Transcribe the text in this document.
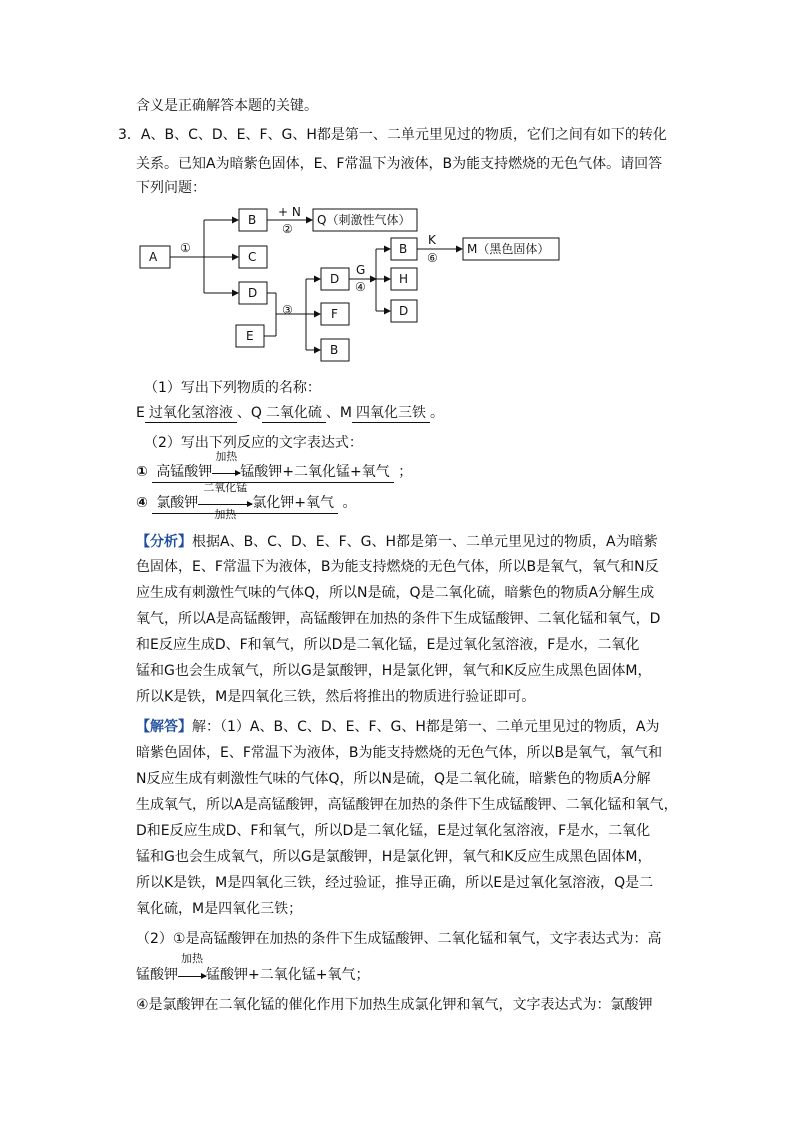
含义是正确解答本题的关键。
3．A、B、C、D、E、F、G、H都是第一、二单元里见过的物质，它们之间有如下的转化
关系。已知A为暗紫色固体，E、F常温下为液体，B为能支持燃烧的无色气体。请回答
下列问题：
A
B
C
D
E
Q（刺激性气体）
D
F
B
B
H
D
M（黑色固体）
①
+ N
②
③
G
④
K
⑥
（1）写出下列物质的名称：
E 过氧化氢溶液 、Q 二氧化硫 、M 四氧化三铁 。
（2）写出下列反应的文字表达式：
① 高锰酸钾
加热
锰酸钾+二氧化锰+氧气 ；
④ 氯酸钾
二氧化锰
加热
氯化钾+氧气 。
【分析】根据A、B、C、D、E、F、G、H都是第一、二单元里见过的物质，A为暗紫
色固体，E、F常温下为液体，B为能支持燃烧的无色气体，所以B是氧气，氧气和N反
应生成有刺激性气味的气体Q，所以N是硫，Q是二氧化硫，暗紫色的物质A分解生成
氧气，所以A是高锰酸钾，高锰酸钾在加热的条件下生成锰酸钾、二氧化锰和氧气，D
和E反应生成D、F和氧气，所以D是二氧化锰，E是过氧化氢溶液，F是水，二氧化
锰和G也会生成氧气，所以G是氯酸钾，H是氯化钾，氧气和K反应生成黑色固体M，
所以K是铁，M是四氧化三铁，然后将推出的物质进行验证即可。
【解答】解：（1）A、B、C、D、E、F、G、H都是第一、二单元里见过的物质，A为
暗紫色固体，E、F常温下为液体，B为能支持燃烧的无色气体，所以B是氧气，氧气和
N反应生成有刺激性气味的气体Q，所以N是硫，Q是二氧化硫，暗紫色的物质A分解
生成氧气，所以A是高锰酸钾，高锰酸钾在加热的条件下生成锰酸钾、二氧化锰和氧气，
D和E反应生成D、F和氧气，所以D是二氧化锰，E是过氧化氢溶液，F是水，二氧化
锰和G也会生成氧气，所以G是氯酸钾，H是氯化钾，氧气和K反应生成黑色固体M，
所以K是铁，M是四氧化三铁，经过验证，推导正确，所以E是过氧化氢溶液，Q是二
氧化硫，M是四氧化三铁；
（2）①是高锰酸钾在加热的条件下生成锰酸钾、二氧化锰和氧气，文字表达式为：高
锰酸钾
加热
锰酸钾+二氧化锰+氧气；
④是氯酸钾在二氧化锰的催化作用下加热生成氯化钾和氧气，文字表达式为：氯酸钾
